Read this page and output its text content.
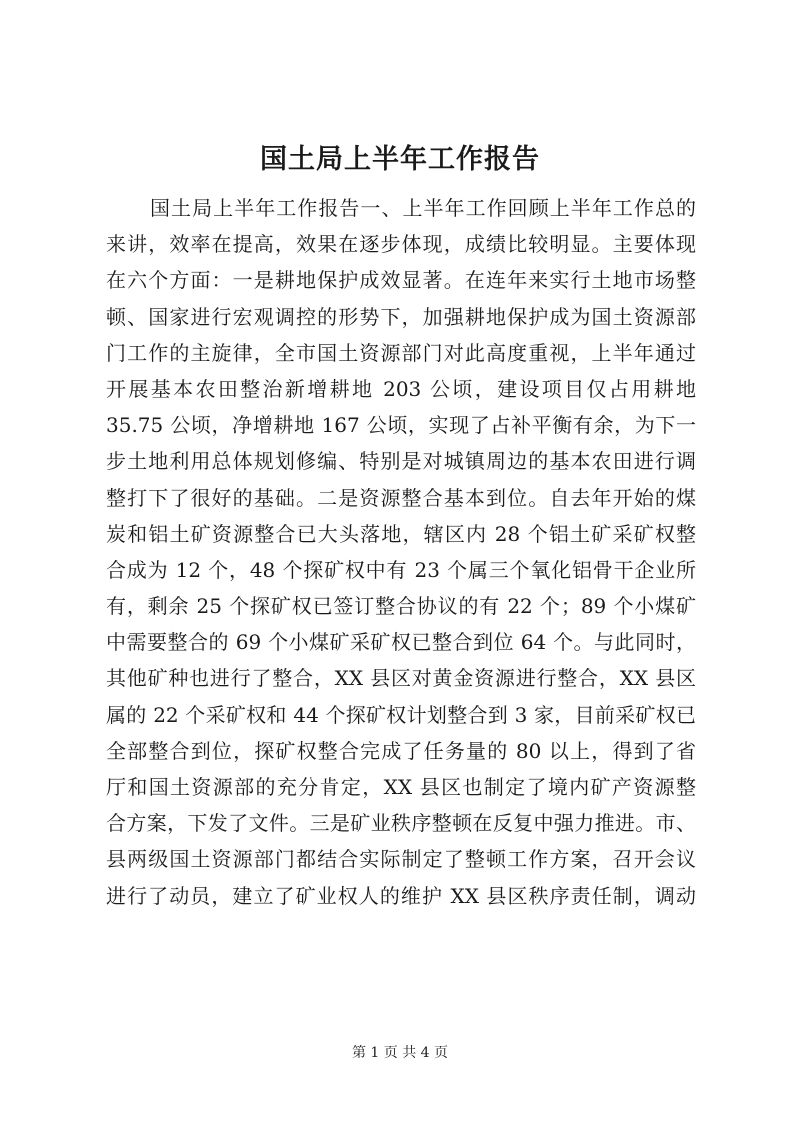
国土局上半年工作报告
国土局上半年工作报告一、上半年工作回顾上半年工作总的
来讲，效率在提高，效果在逐步体现，成绩比较明显。主要体现
在六个方面：一是耕地保护成效显著。在连年来实行土地市场整
顿、国家进行宏观调控的形势下，加强耕地保护成为国土资源部
门工作的主旋律，全市国土资源部门对此高度重视，上半年通过
开展基本农田整治新增耕地 203 公顷，建设项目仅占用耕地
35.75 公顷，净增耕地 167 公顷，实现了占补平衡有余，为下一
步土地利用总体规划修编、特别是对城镇周边的基本农田进行调
整打下了很好的基础。二是资源整合基本到位。自去年开始的煤
炭和铝土矿资源整合已大头落地，辖区内 28 个铝土矿采矿权整
合成为 12 个，48 个探矿权中有 23 个属三个氧化铝骨干企业所
有，剩余 25 个探矿权已签订整合协议的有 22 个；89 个小煤矿
中需要整合的 69 个小煤矿采矿权已整合到位 64 个。与此同时，
其他矿种也进行了整合，XX 县区对黄金资源进行整合，XX 县区
属的 22 个采矿权和 44 个探矿权计划整合到 3 家，目前采矿权已
全部整合到位，探矿权整合完成了任务量的 80 以上，得到了省
厅和国土资源部的充分肯定，XX 县区也制定了境内矿产资源整
合方案，下发了文件。三是矿业秩序整顿在反复中强力推进。市、
县两级国土资源部门都结合实际制定了整顿工作方案，召开会议
进行了动员，建立了矿业权人的维护 XX 县区秩序责任制，调动
第 1 页 共 4 页
